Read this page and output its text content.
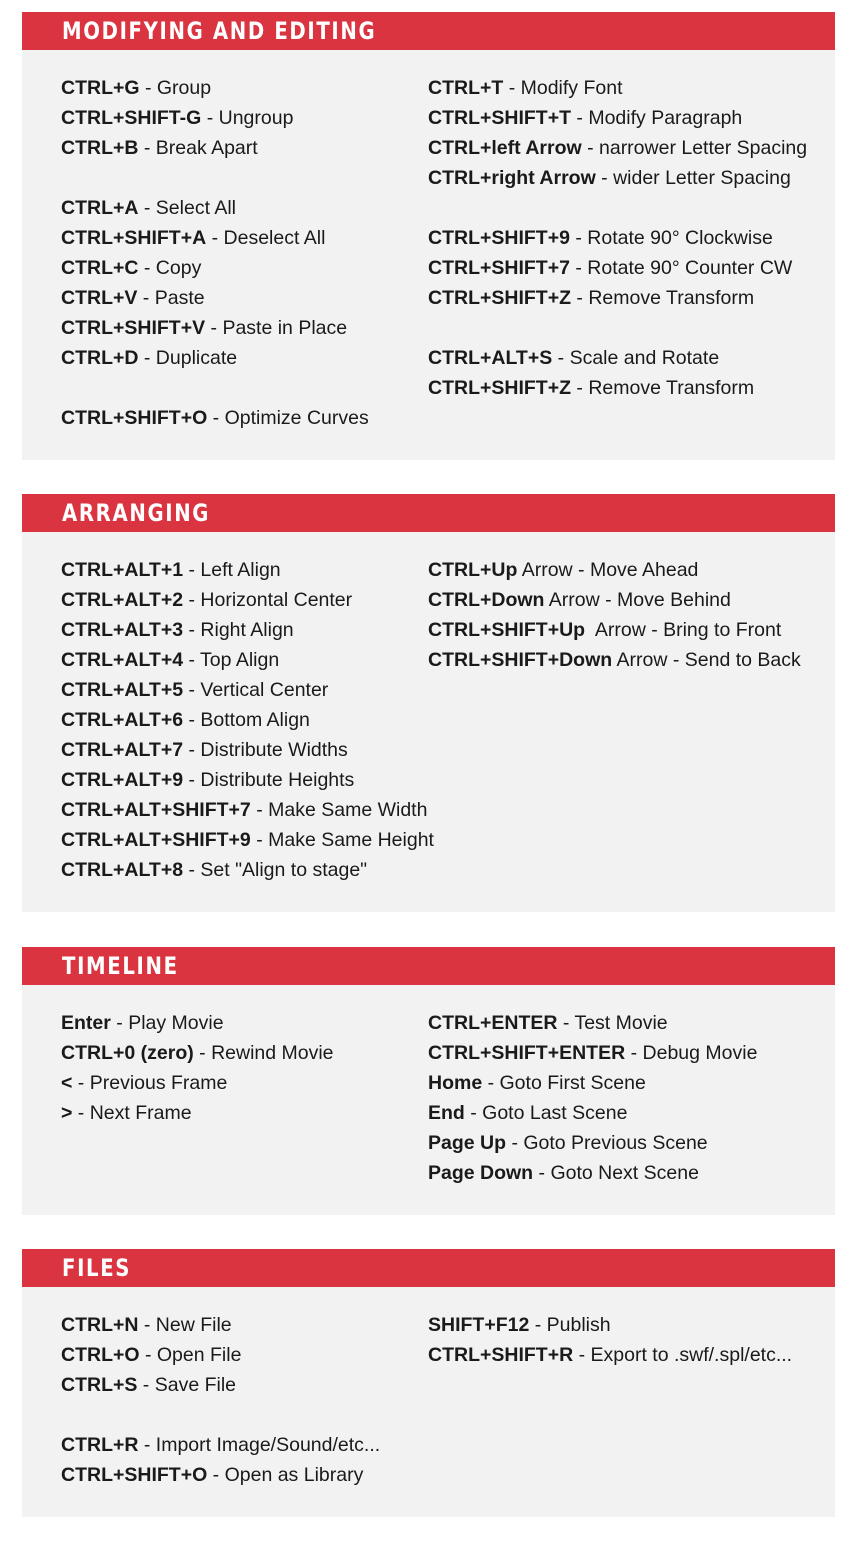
MODIFYING AND EDITING
CTRL+G - Group
CTRL+SHIFT-G - Ungroup
CTRL+B - Break Apart
CTRL+A - Select All
CTRL+SHIFT+A - Deselect All
CTRL+C - Copy
CTRL+V - Paste
CTRL+SHIFT+V - Paste in Place
CTRL+D - Duplicate
CTRL+SHIFT+O - Optimize Curves
CTRL+T - Modify Font
CTRL+SHIFT+T - Modify Paragraph
CTRL+left Arrow - narrower Letter Spacing
CTRL+right Arrow - wider Letter Spacing
CTRL+SHIFT+9 - Rotate 90° Clockwise
CTRL+SHIFT+7 - Rotate 90° Counter CW
CTRL+SHIFT+Z - Remove Transform
CTRL+ALT+S - Scale and Rotate
CTRL+SHIFT+Z - Remove Transform
ARRANGING
CTRL+ALT+1 - Left Align
CTRL+ALT+2 - Horizontal Center
CTRL+ALT+3 - Right Align
CTRL+ALT+4 - Top Align
CTRL+ALT+5 - Vertical Center
CTRL+ALT+6 - Bottom Align
CTRL+ALT+7 - Distribute Widths
CTRL+ALT+9 - Distribute Heights
CTRL+ALT+SHIFT+7 - Make Same Width
CTRL+ALT+SHIFT+9 - Make Same Height
CTRL+ALT+8 - Set "Align to stage"
CTRL+Up Arrow - Move Ahead
CTRL+Down Arrow - Move Behind
CTRL+SHIFT+Up  Arrow - Bring to Front
CTRL+SHIFT+Down Arrow - Send to Back
TIMELINE
Enter - Play Movie
CTRL+0 (zero) - Rewind Movie
< - Previous Frame
> - Next Frame
CTRL+ENTER - Test Movie
CTRL+SHIFT+ENTER - Debug Movie
Home - Goto First Scene
End - Goto Last Scene
Page Up - Goto Previous Scene
Page Down - Goto Next Scene
FILES
CTRL+N - New File
CTRL+O - Open File
CTRL+S - Save File
CTRL+R - Import Image/Sound/etc...
CTRL+SHIFT+O - Open as Library
SHIFT+F12 - Publish
CTRL+SHIFT+R - Export to .swf/.spl/etc...
